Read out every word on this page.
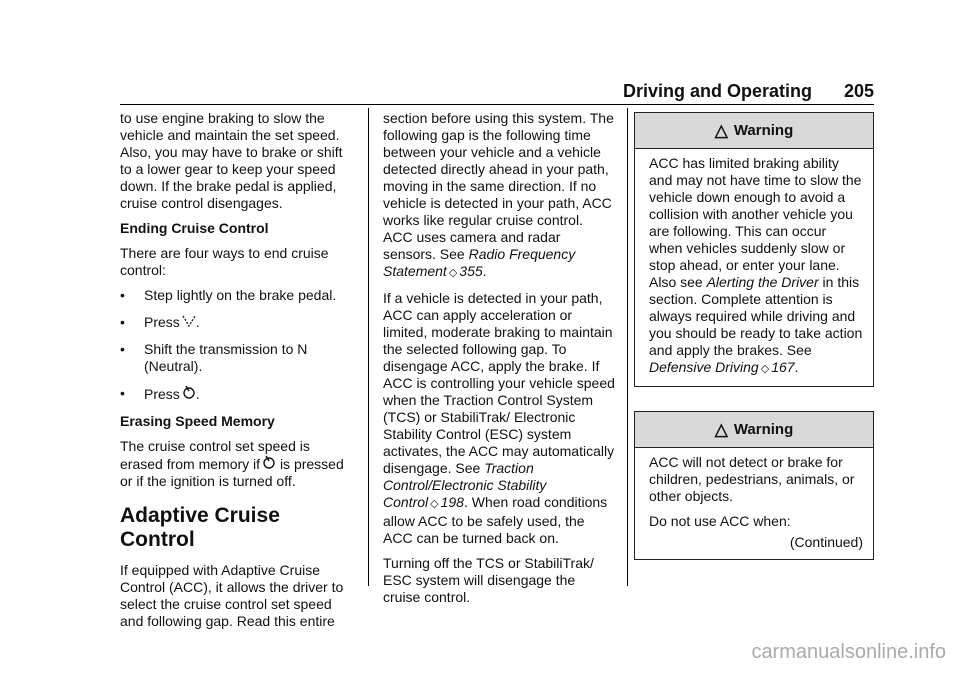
Driving and Operating 205

to use engine braking to slow the vehicle and maintain the set speed. Also, you may have to brake or shift to a lower gear to keep your speed down. If the brake pedal is applied, cruise control disengages.

Ending Cruise Control

There are four ways to end cruise control:

•	Step lightly on the brake pedal.
•	Press .
•	Shift the transmission to N (Neutral).
•	Press .
Erasing Speed Memory

The cruise control set speed is erased from memory if is pressed or if the ignition is turned off.

Adaptive Cruise Control

If equipped with Adaptive Cruise Control (ACC), it allows the driver to select the cruise control set speed and following gap. Read this entire

section before using this system. The following gap is the following time between your vehicle and a vehicle detected directly ahead in your path, moving in the same direction. If no vehicle is detected in your path, ACC works like regular cruise control. ACC uses camera and radar sensors. See Radio Frequency Statement ◇ 355.

If a vehicle is detected in your path, ACC can apply acceleration or limited, moderate braking to maintain the selected following gap. To disengage ACC, apply the brake. If ACC is controlling your vehicle speed when the Traction Control System (TCS) or StabiliTrak/ Electronic Stability Control (ESC) system activates, the ACC may automatically disengage. See Traction Control/Electronic Stability Control ◇ 198. When road conditions allow ACC to be safely used, the ACC can be turned back on.

Turning off the TCS or StabiliTrak/ ESC system will disengage the cruise control.

△ Warning
ACC has limited braking ability and may not have time to slow the vehicle down enough to avoid a collision with another vehicle you are following. This can occur when vehicles suddenly slow or stop ahead, or enter your lane. Also see Alerting the Driver in this section. Complete attention is always required while driving and you should be ready to take action and apply the brakes. See Defensive Driving ◇ 167.
△ Warning

ACC will not detect or brake for children, pedestrians, animals, or other objects.

Do not use ACC when:

(Continued)
carmanualsonline.info
